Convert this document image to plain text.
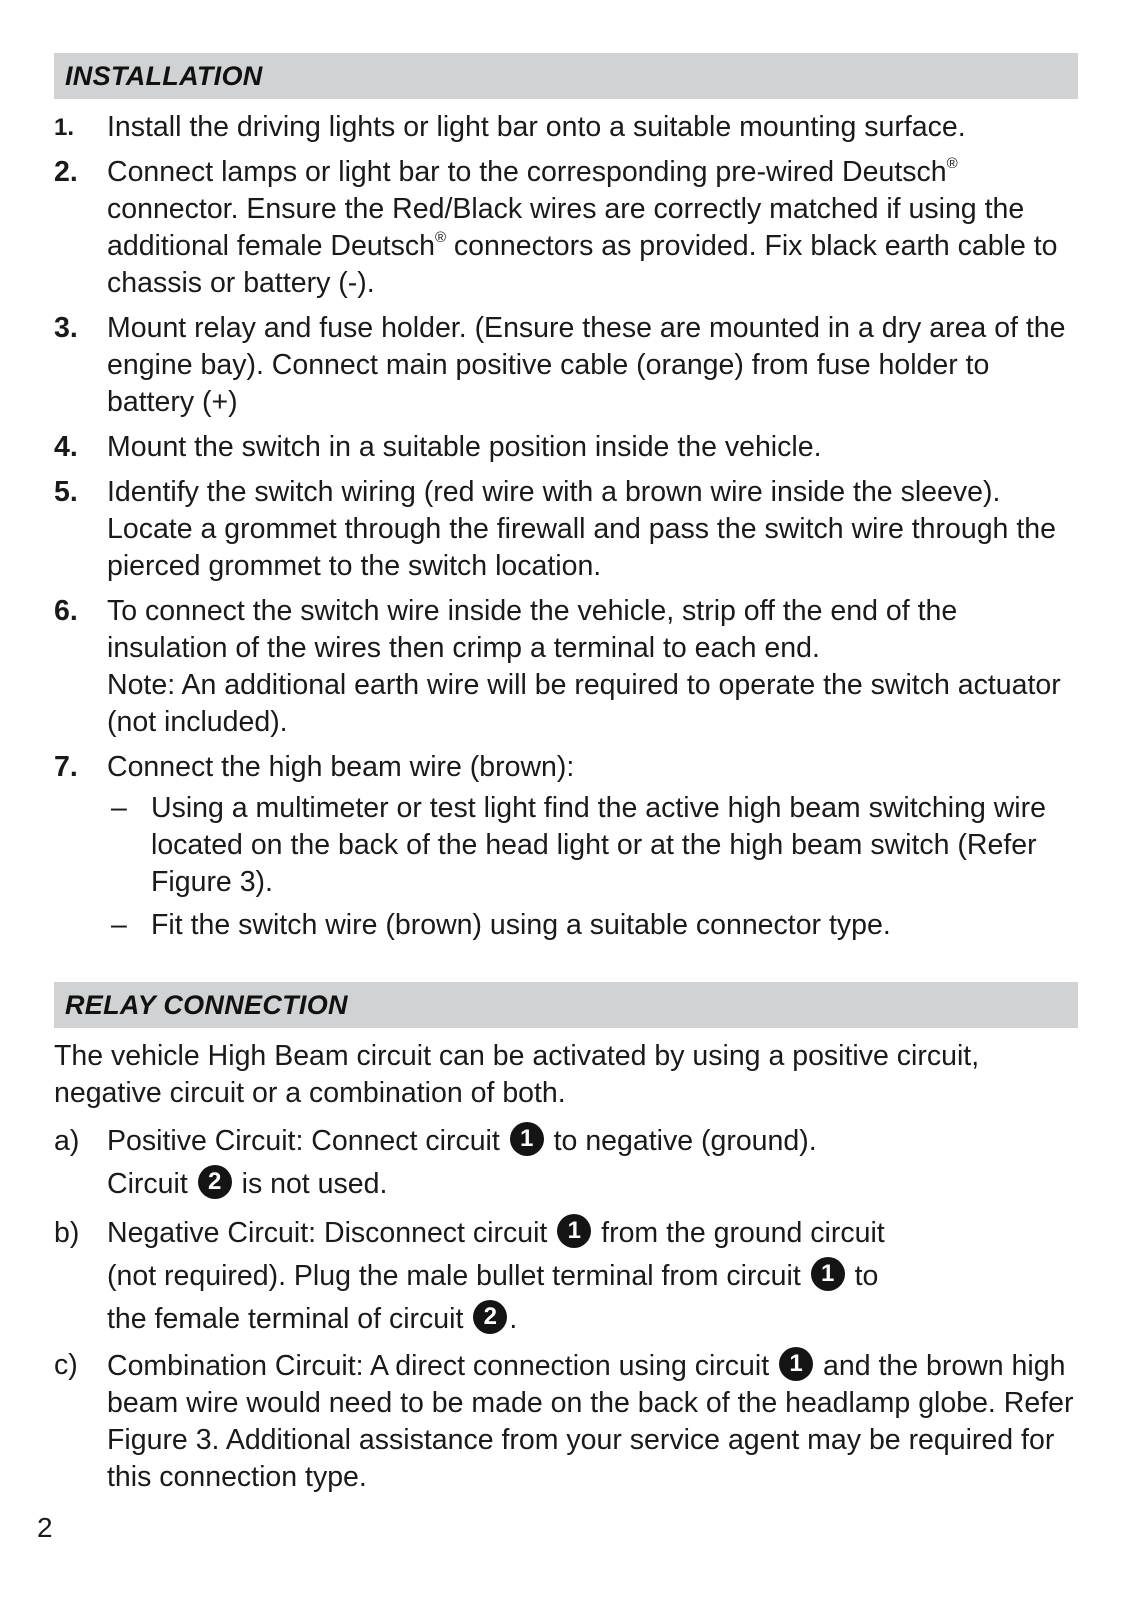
INSTALLATION
1. Install the driving lights or light bar onto a suitable mounting surface.
2. Connect lamps or light bar to the corresponding pre-wired Deutsch® connector. Ensure the Red/Black wires are correctly matched if using the additional female Deutsch® connectors as provided. Fix black earth cable to chassis or battery (-).
3. Mount relay and fuse holder. (Ensure these are mounted in a dry area of the engine bay). Connect main positive cable (orange) from fuse holder to battery (+)
4. Mount the switch in a suitable position inside the vehicle.
5. Identify the switch wiring (red wire with a brown wire inside the sleeve). Locate a grommet through the firewall and pass the switch wire through the pierced grommet to the switch location.
6. To connect the switch wire inside the vehicle, strip off the end of the insulation of the wires then crimp a terminal to each end.
Note: An additional earth wire will be required to operate the switch actuator (not included).
7. Connect the high beam wire (brown):
– Using a multimeter or test light find the active high beam switching wire located on the back of the head light or at the high beam switch (Refer Figure 3).
– Fit the switch wire (brown) using a suitable connector type.
RELAY CONNECTION
The vehicle High Beam circuit can be activated by using a positive circuit, negative circuit or a combination of both.
a) Positive Circuit: Connect circuit 1 to negative (ground).
Circuit 2 is not used.
b) Negative Circuit: Disconnect circuit 1 from the ground circuit
(not required). Plug the male bullet terminal from circuit 1 to
the female terminal of circuit 2 .
c) Combination Circuit: A direct connection using circuit 1 and the brown high beam wire would need to be made on the back of the headlamp globe. Refer Figure 3. Additional assistance from your service agent may be required for this connection type.
2
